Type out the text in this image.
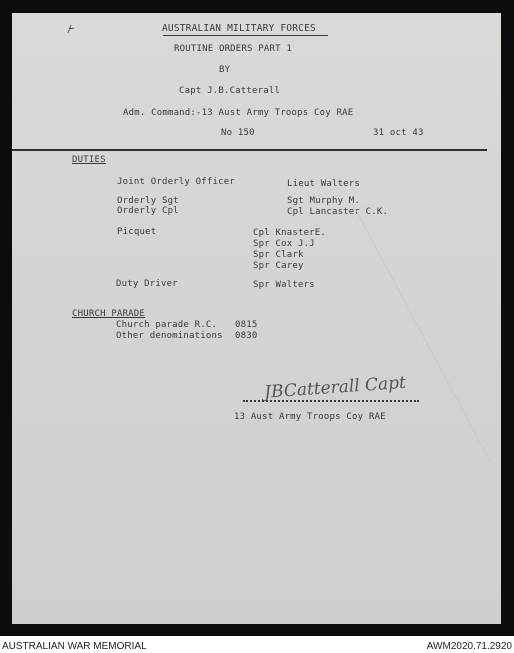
AUSTRALIAN MILITARY FORCES
ROUTINE ORDERS PART 1
BY
Capt J.B.Catterall
Adm. Command:-13 Aust Army Troops Coy RAE
No 150	31 oct 43
DUTIES
Joint Orderly Officer	Lieut Walters
Orderly Sgt	Sgt Murphy M.
Orderly Cpl	Cpl Lancaster C.K.
Picquet	Cpl KnasterE.
Spr Cox J.J
Spr Clark
Spr Carey
Duty Driver	Spr Walters
CHURCH PARADE
Church parade R.C. 0815
Other denominations 0830
JBCatterall Capt
13 Aust Army Troops Coy RAE
AUSTRALIAN WAR MEMORIAL	AWM2020.71.2920
